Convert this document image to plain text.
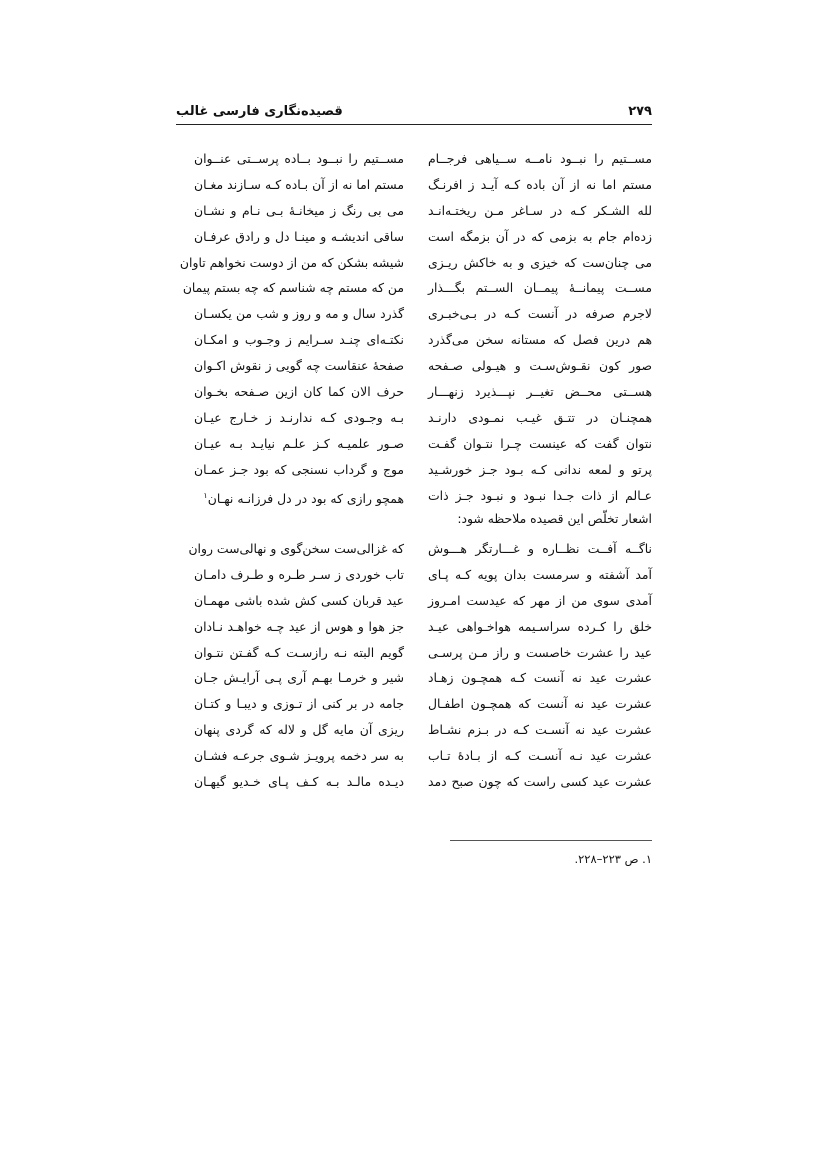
۲۷۹
قصیده‌نگاری فارسی غالب
مســتیم را نبــود نامــه ســیاهی فرجــام
مستم اما نه از آن باده کـه آیـد ز افرنـگ
لله الشـکر کـه در سـاغر مـن ریختـه‌انـد
زده‌ام جام به بزمی که در آن بزمگه است
می چنان‌ست که خیزی و به خاکش ریـزی
مســت پیمانــهٔ پیمــان الســتم بگـــذار
لاجرم صرفه در آنست کـه در بـی‌خبـری
هم درین فصل که مستانه سخن می‌گذرد
صور کون نقـوش‌سـت و هیـولی صـفحه
هســتی محــض تغیــر نپـــذیرد زنهـــار
همچنـان در تتـق غیـب نمـودی دارنـد
نتوان گفت که عینست چـرا نتـوان گفـت
پرتو و لمعه ندانی کـه بـود جـز خورشـید
عـالم از ذات جـدا نبـود و نبـود جـز ذات
مســتیم را نبــود بــاده پرســتی عنــوان
مستم اما نه از آن بـاده کـه سـازند مغـان
می بی رنگ ز میخانـهٔ بـی نـام و نشـان
ساقی اندیشـه و مینـا دل و رادق عرفـان
شیشه بشکن که من از دوست نخواهم تاوان
من که مستم چه شناسم که چه بستم پیمان
گذرد سال و مه و روز و شب من یکسـان
نکتـه‌ای چنـد سـرایم ز وجـوب و امکـان
صفحهٔ عنقاست چه گویی ز نقوش اکـوان
حرف الان کما کان ازین صـفحه بخـوان
بـه وجـودی کـه ندارنـد ز خـارج عیـان
صـور علمیـه کـز علـم نیایـد بـه عیـان
موج و گرداب نسنجی که بود جـز عمـان
همچو رازی که بود در دل فرزانـه نهـان$^۱$
اشعار تخلّص این قصیده ملاحظه شود:
ناگــه آفــت نظــاره و غـــارتگر هـــوش
آمد آشفته و سرمست بدان پویه کـه پـای
آمدی سوی من از مهر که عیدست امـروز
خلق را کـرده سراسـیمه هواخـواهی عیـد
عید را عشرت خاصست و راز مـن پرسـی
عشرت عید نه آنست کـه همچـون زهـاد
عشرت عید نه آنست که همچـون اطفـال
عشرت عید نه آنسـت کـه در بـزم نشـاط
عشرت عید نـه آنسـت کـه از بـادهٔ تـاب
عشرت عید کسی راست که چون صبح دمد
که غزالی‌ست سخن‌گوی و نهالی‌ست روان
تاب خوردی ز سـر طـره و طـرف دامـان
عید قربان کسی کش شده باشی مهمـان
جز هوا و هوس از عید چـه خواهـد نـادان
گویم البته نـه رازسـت کـه گفـتن نتـوان
شیر و خرمـا بهـم آری پـی آرایـش جـان
جامه در بر کنی از تـوزی و دیبـا و کتـان
ریزی آن مایه گل و لاله که گردی پنهان
به سر دخمه پرویـز شـوی جرعـه فشـان
دیـده مالـد بـه کـف پـای خـدیو گیهـان
۱. ص ۲۲۳–۲۲۸.
